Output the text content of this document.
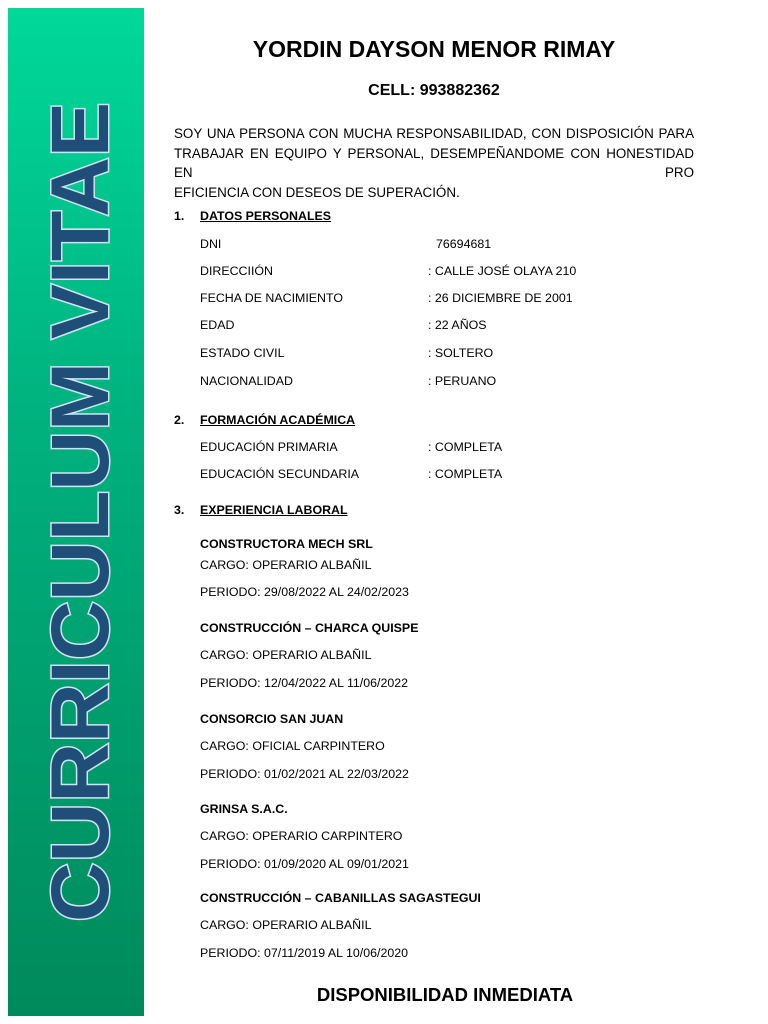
CURRICULUM VITAE
YORDIN DAYSON MENOR RIMAY
CELL: 993882362
SOY UNA PERSONA CON MUCHA RESPONSABILIDAD, CON DISPOSICIÓN PARA
TRABAJAR EN EQUIPO Y PERSONAL, DESEMPEÑANDOME CON HONESTIDAD EN PRO
EFICIENCIA CON DESEOS DE SUPERACIÓN.
1. DATOS PERSONALES
DNI	76694681
DIRECCIIÓN	: CALLE JOSÉ OLAYA 210
FECHA DE NACIMIENTO	: 26 DICIEMBRE DE 2001
EDAD	: 22 AÑOS
ESTADO CIVIL	: SOLTERO
NACIONALIDAD	: PERUANO
2. FORMACIÓN ACADÉMICA
EDUCACIÓN PRIMARIA	: COMPLETA
EDUCACIÓN SECUNDARIA	: COMPLETA
3. EXPERIENCIA LABORAL
CONSTRUCTORA MECH SRL
CARGO: OPERARIO ALBAÑIL
PERIODO: 29/08/2022 AL 24/02/2023
CONSTRUCCIÓN – CHARCA QUISPE
CARGO: OPERARIO ALBAÑIL
PERIODO: 12/04/2022 AL 11/06/2022
CONSORCIO SAN JUAN
CARGO: OFICIAL CARPINTERO
PERIODO: 01/02/2021 AL 22/03/2022
GRINSA S.A.C.
CARGO: OPERARIO CARPINTERO
PERIODO: 01/09/2020 AL 09/01/2021
CONSTRUCCIÓN – CABANILLAS SAGASTEGUI
CARGO: OPERARIO ALBAÑIL
PERIODO: 07/11/2019 AL 10/06/2020
DISPONIBILIDAD INMEDIATA
